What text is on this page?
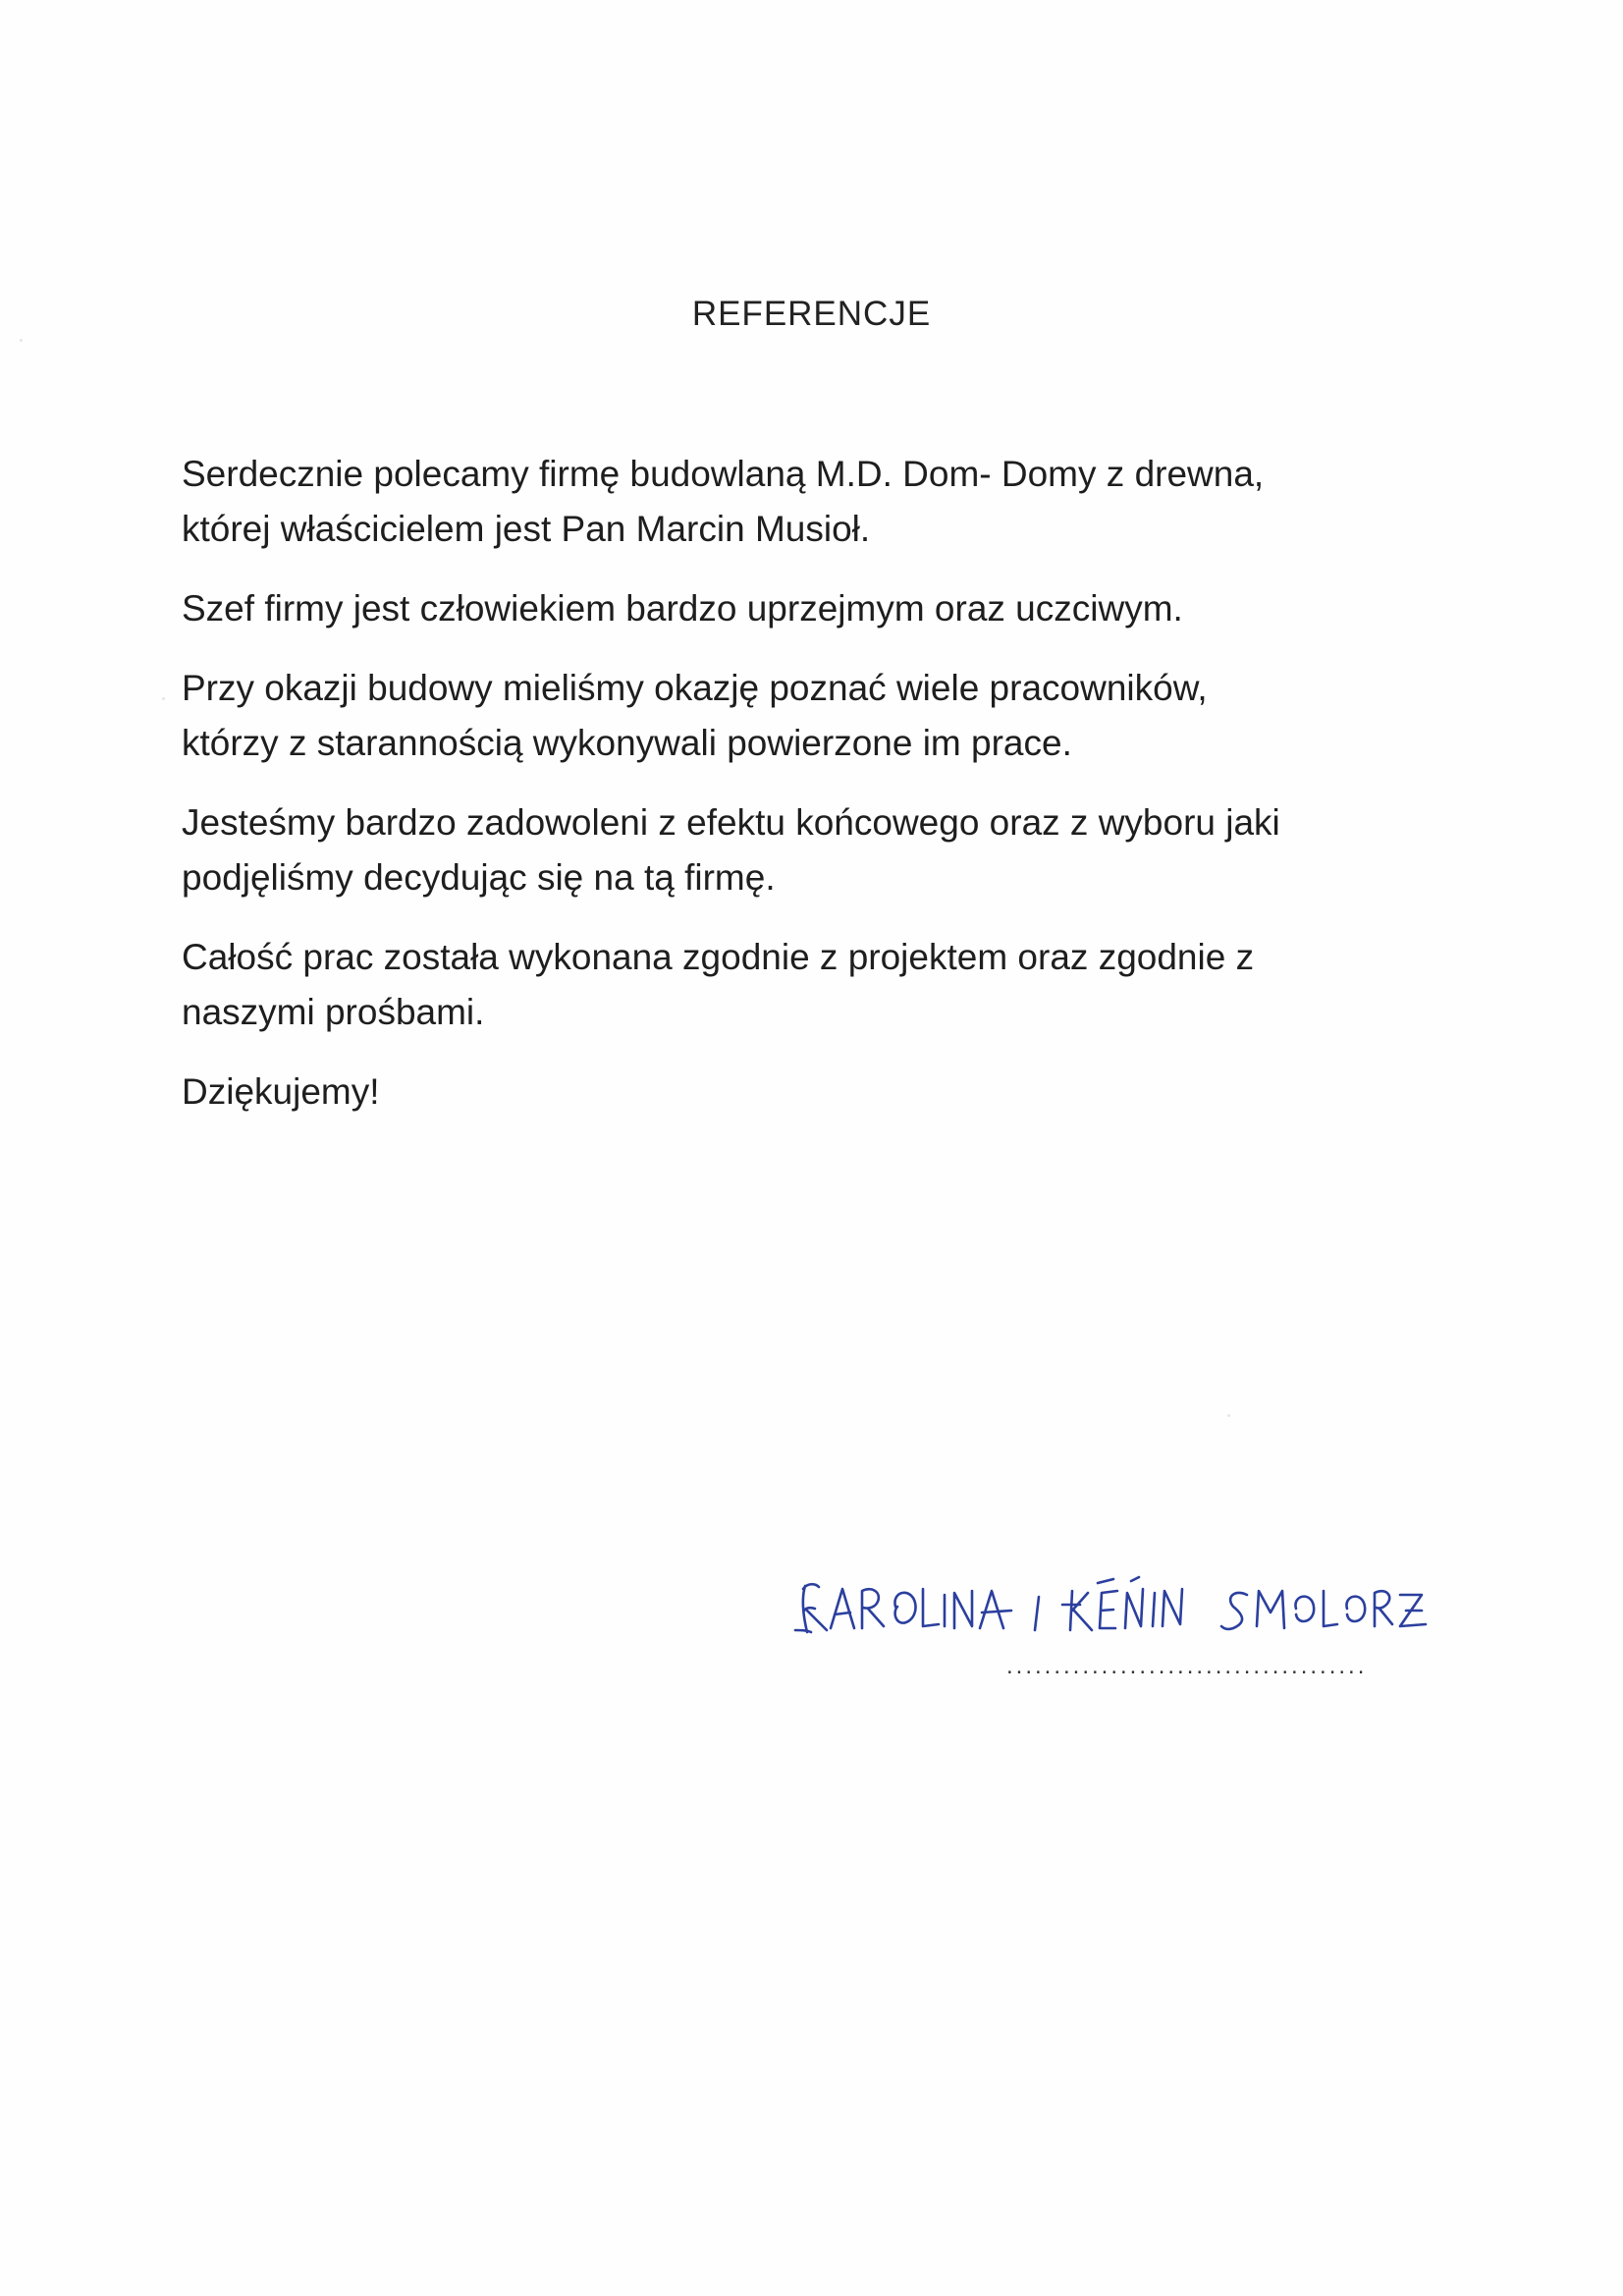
REFERENCJE

Serdecznie polecamy firmę budowlaną M.D. Dom- Domy z drewna,
której właścicielem jest Pan Marcin Musioł.

Szef firmy jest człowiekiem bardzo uprzejmym oraz uczciwym.

Przy okazji budowy mieliśmy okazję poznać wiele pracowników,
którzy z starannością wykonywali powierzone im prace.

Jesteśmy bardzo zadowoleni z efektu końcowego oraz z wyboru jaki
podjęliśmy decydując się na tą firmę.

Całość prac została wykonana zgodnie z projektem oraz zgodnie z
naszymi prośbami.

Dziękujemy!

......................................
